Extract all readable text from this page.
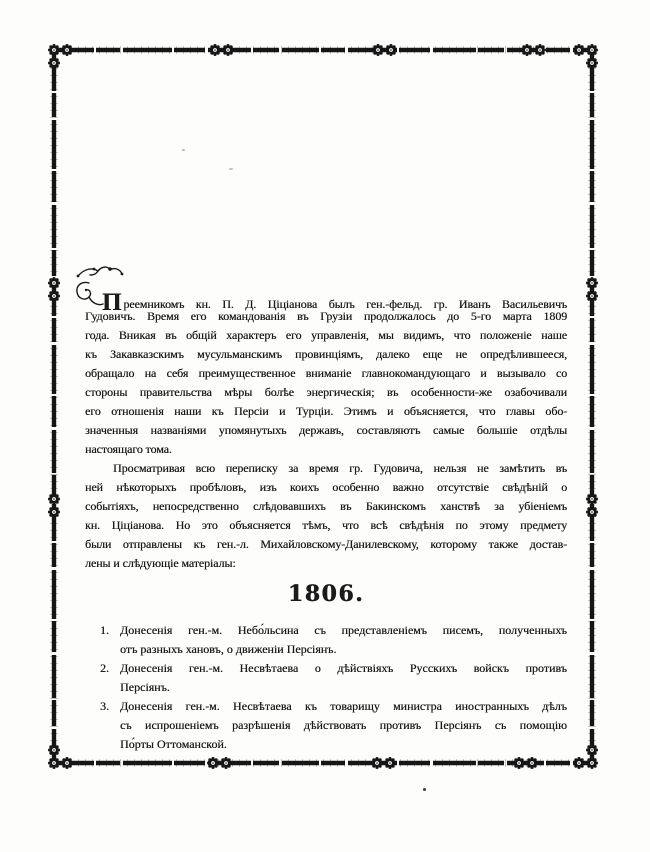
Преемникомъ кн. П. Д. Ціціанова былъ ген.-фельд. гр. Иванъ Васильевичъ
Гудовичъ. Время его командованія въ Грузіи продолжалось до 5-го марта 1809
года. Вникая въ общій характеръ его управленія, мы видимъ, что положеніе наше
къ Закавказскимъ мусульманскимъ провинціямъ, далеко еще не опредѣлившееся,
обращало на себя преимущественное вниманіе главнокомандующаго и вызывало со
стороны правительства мѣры болѣе энергическія; въ особенности-же озабочивали
его отношенія наши къ Персіи и Турціи. Этимъ и объясняется, что главы обо-
значенныя названіями упомянутыхъ державъ, составляютъ самые большіе отдѣлы
настоящаго тома.
Просматривая всю переписку за время гр. Гудовича, нельзя не замѣтить въ
ней нѣкоторыхъ пробѣловъ, изъ коихъ особенно важно отсутствіе свѣдѣній о
событіяхъ, непосредственно слѣдовавшихъ въ Бакинскомъ ханствѣ за убіеніемъ
кн. Ціціанова. Но это объясняется тѣмъ, что всѣ свѣдѣнія по этому предмету
были отправлены къ ген.-л. Михайловскому-Данилевскому, которому также достав-
лены и слѣдующіе матеріалы:
1806.
1. Донесенія ген.-м. Небо́льсина съ представленіемъ писемъ, полученныхъ
отъ разныхъ хановъ, о движеніи Персіянъ.
2. Донесенія ген.-м. Несвѣтаева о дѣйствіяхъ Русскихъ войскъ противъ
Персіянъ.
3. Донесенія ген.-м. Несвѣтаева къ товарищу министра иностранныхъ дѣлъ
съ испрошеніемъ разрѣшенія дѣйствовать противъ Персіянъ съ помощію
По́рты Оттоманской.
